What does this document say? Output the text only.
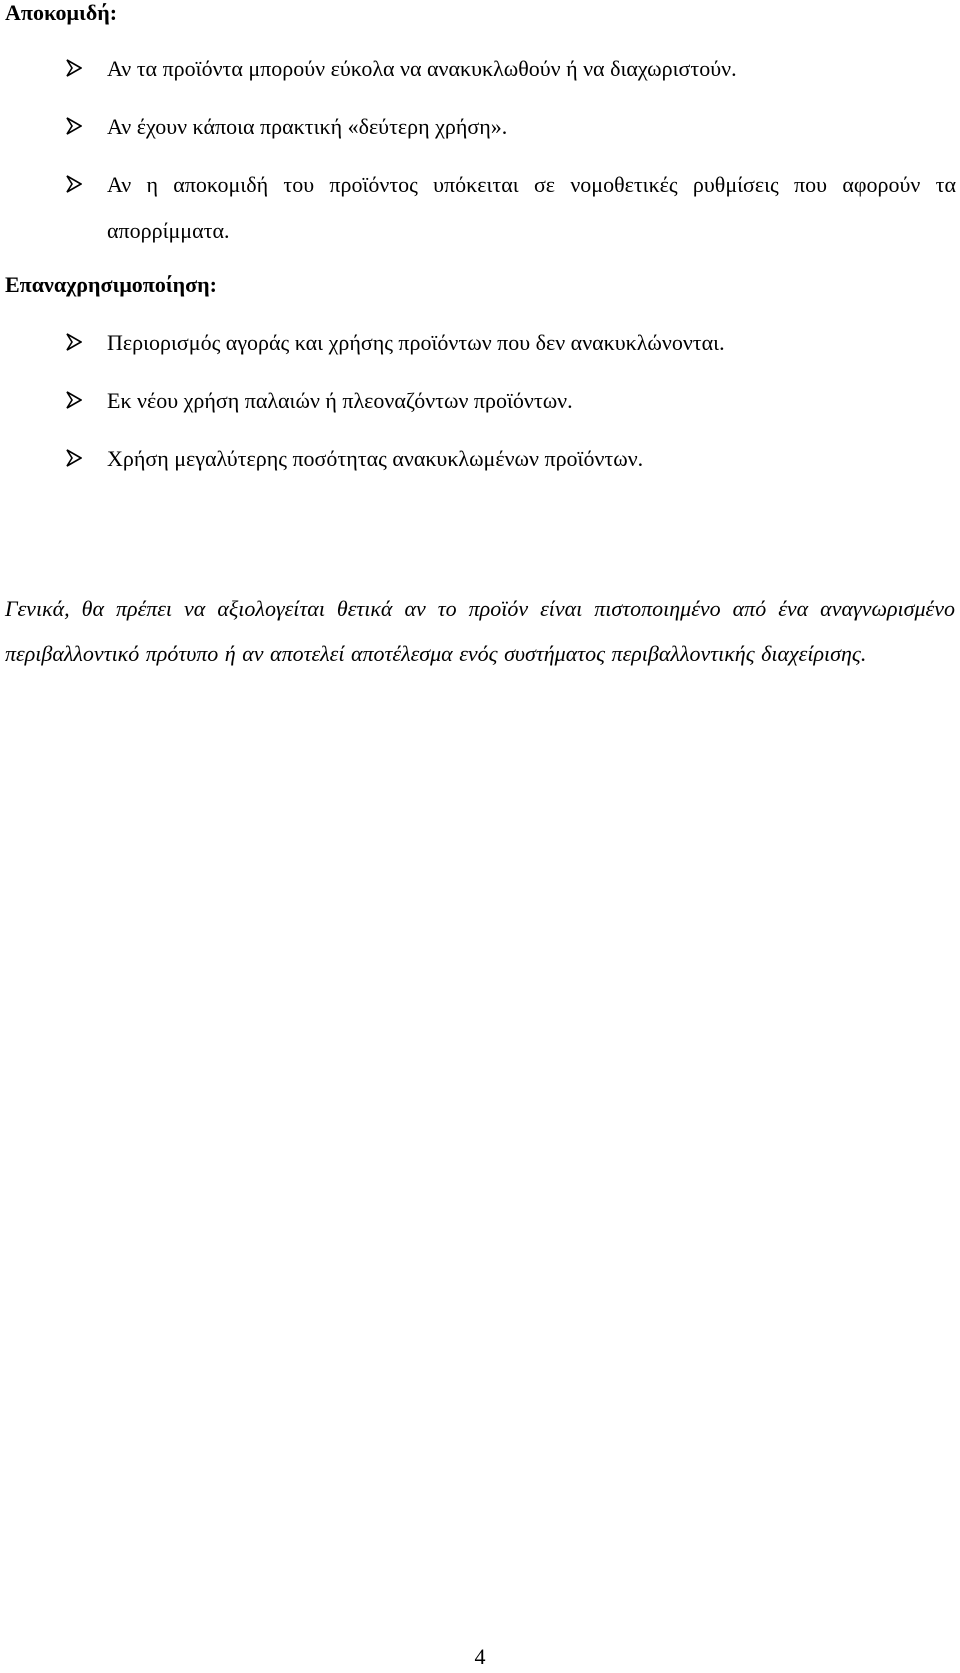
Αποκομιδή:
Αν τα προϊόντα μπορούν εύκολα να ανακυκλωθούν ή να διαχωριστούν.
Αν έχουν κάποια πρακτική «δεύτερη χρήση».
Αν η αποκομιδή του προϊόντος υπόκειται σε νομοθετικές ρυθμίσεις που αφορούν τα απορρίμματα.
Επαναχρησιμοποίηση:
Περιορισμός αγοράς και χρήσης προϊόντων που δεν ανακυκλώνονται.
Εκ νέου χρήση παλαιών ή πλεοναζόντων προϊόντων.
Χρήση μεγαλύτερης ποσότητας ανακυκλωμένων προϊόντων.

Γενικά, θα πρέπει να αξιολογείται θετικά αν το προϊόν είναι πιστοποιημένο από ένα αναγνωρισμένο περιβαλλοντικό πρότυπο ή αν αποτελεί αποτέλεσμα ενός συστήματος περιβαλλοντικής διαχείρισης.

4
